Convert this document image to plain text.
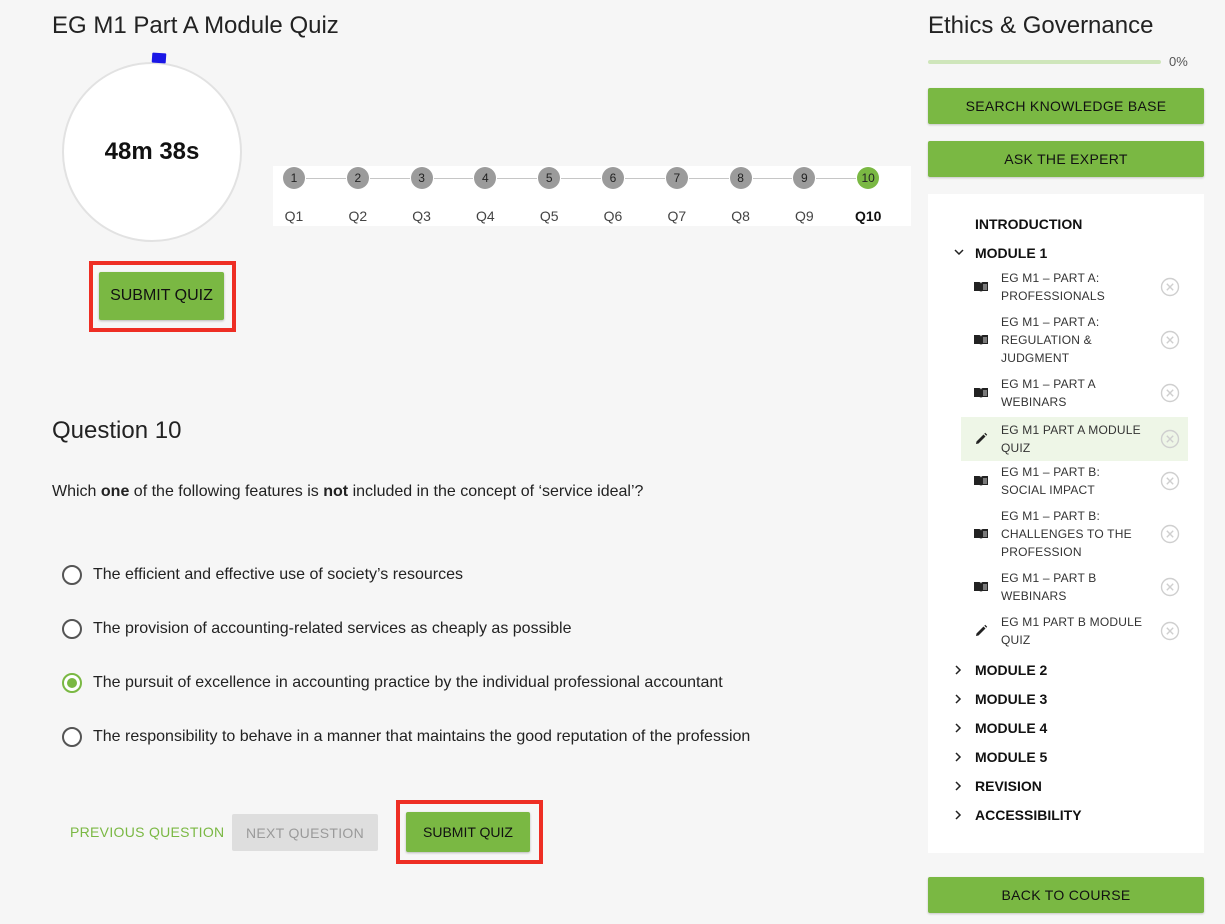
EG M1 Part A Module Quiz
48m 38s
SUBMIT QUIZ
1
Q1
2
Q2
3
Q3
4
Q4
5
Q5
6
Q6
7
Q7
8
Q8
9
Q9
10
Q10
Question 10
Which one of the following features is not included in the concept of ‘service ideal’?
The efficient and effective use of society’s resources
The provision of accounting-related services as cheaply as possible
The pursuit of excellence in accounting practice by the individual professional accountant
The responsibility to behave in a manner that maintains the good reputation of the profession
PREVIOUS QUESTION	NEXT QUESTION	SUBMIT QUIZ
Ethics & Governance
0%
SEARCH KNOWLEDGE BASE
ASK THE EXPERT
INTRODUCTION
MODULE 1
EG M1 – PART A: PROFESSIONALS
EG M1 – PART A: REGULATION & JUDGMENT
EG M1 – PART A WEBINARS
EG M1 PART A MODULE QUIZ
EG M1 – PART B: SOCIAL IMPACT
EG M1 – PART B: CHALLENGES TO THE PROFESSION
EG M1 – PART B WEBINARS
EG M1 PART B MODULE QUIZ
MODULE 2
MODULE 3
MODULE 4
MODULE 5
REVISION
ACCESSIBILITY
BACK TO COURSE
